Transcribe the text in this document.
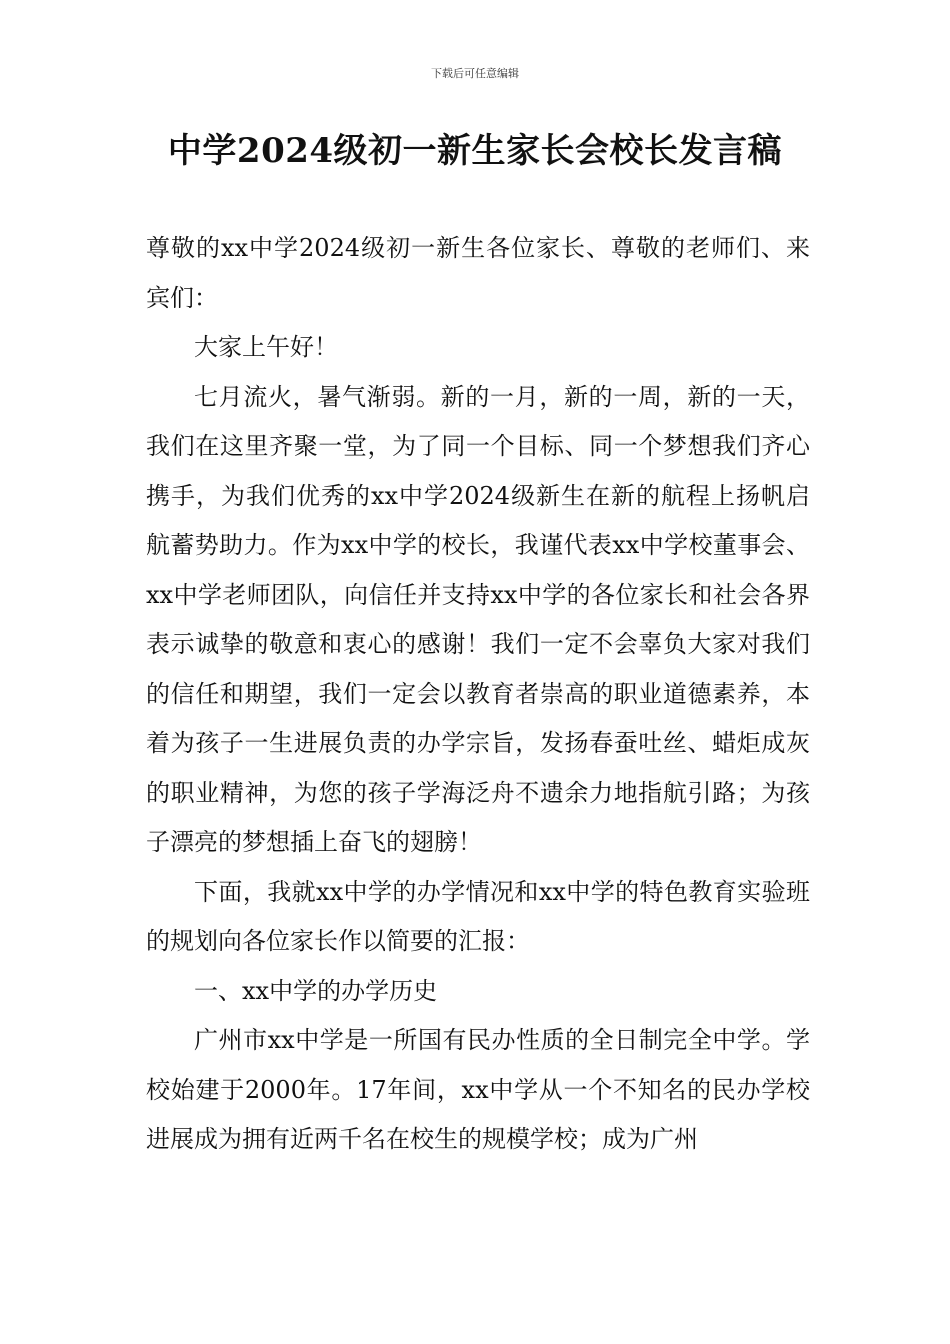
下载后可任意编辑
中学2024级初一新生家长会校长发言稿

尊敬的xx中学2024级初一新生各位家长、尊敬的老师们、来宾们：

大家上午好！

七月流火，暑气渐弱。新的一月，新的一周，新的一天，我们在这里齐聚一堂，为了同一个目标、同一个梦想我们齐心携手，为我们优秀的xx中学2024级新生在新的航程上扬帆启航蓄势助力。作为xx中学的校长，我谨代表xx中学校董事会、xx中学老师团队，向信任并支持xx中学的各位家长和社会各界表示诚挚的敬意和衷心的感谢！我们一定不会辜负大家对我们的信任和期望，我们一定会以教育者崇高的职业道德素养，本着为孩子一生进展负责的办学宗旨，发扬春蚕吐丝、蜡炬成灰的职业精神，为您的孩子学海泛舟不遗余力地指航引路；为孩子漂亮的梦想插上奋飞的翅膀！

下面，我就xx中学的办学情况和xx中学的特色教育实验班的规划向各位家长作以简要的汇报：

一、xx中学的办学历史

广州市xx中学是一所国有民办性质的全日制完全中学。学校始建于2000年。17年间，xx中学从一个不知名的民办学校进展成为拥有近两千名在校生的规模学校；成为广州
